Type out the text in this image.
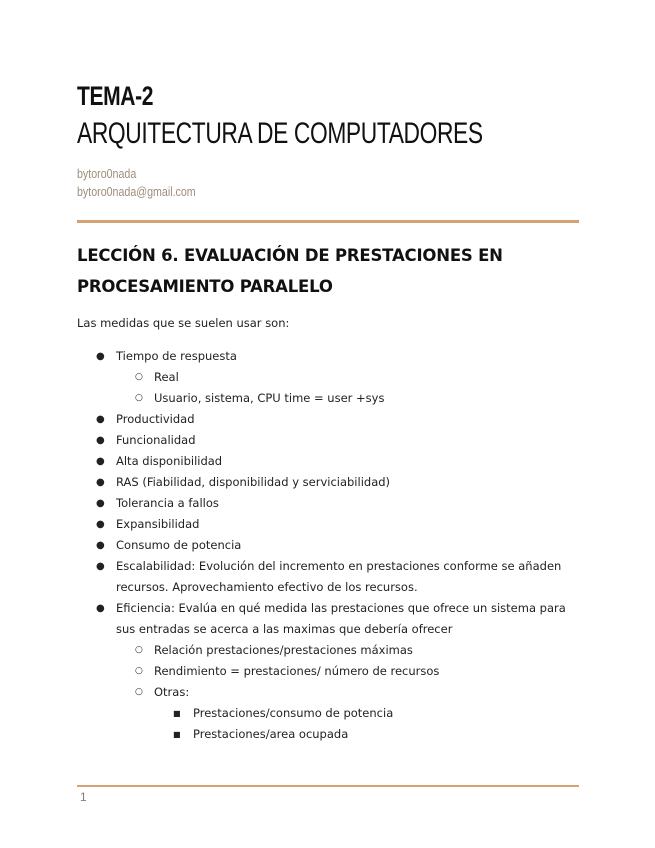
TEMA-2
ARQUITECTURA DE COMPUTADORES
bytoro0nada
bytoro0nada@gmail.com
LECCIÓN 6. EVALUACIÓN DE PRESTACIONES EN PROCESAMIENTO PARALELO
Las medidas que se suelen usar son:
● Tiempo de respuesta
○ Real
○ Usuario, sistema, CPU time = user +sys
● Productividad
● Funcionalidad
● Alta disponibilidad
● RAS (Fiabilidad, disponibilidad y serviciabilidad)
● Tolerancia a fallos
● Expansibilidad
● Consumo de potencia
● Escalabilidad: Evolución del incremento en prestaciones conforme se añaden recursos. Aprovechamiento efectivo de los recursos.
● Eficiencia: Evalúa en qué medida las prestaciones que ofrece un sistema para sus entradas se acerca a las maximas que debería ofrecer
○ Relación prestaciones/prestaciones máximas
○ Rendimiento = prestaciones/ número de recursos
○ Otras:
■ Prestaciones/consumo de potencia
■ Prestaciones/area ocupada
1
